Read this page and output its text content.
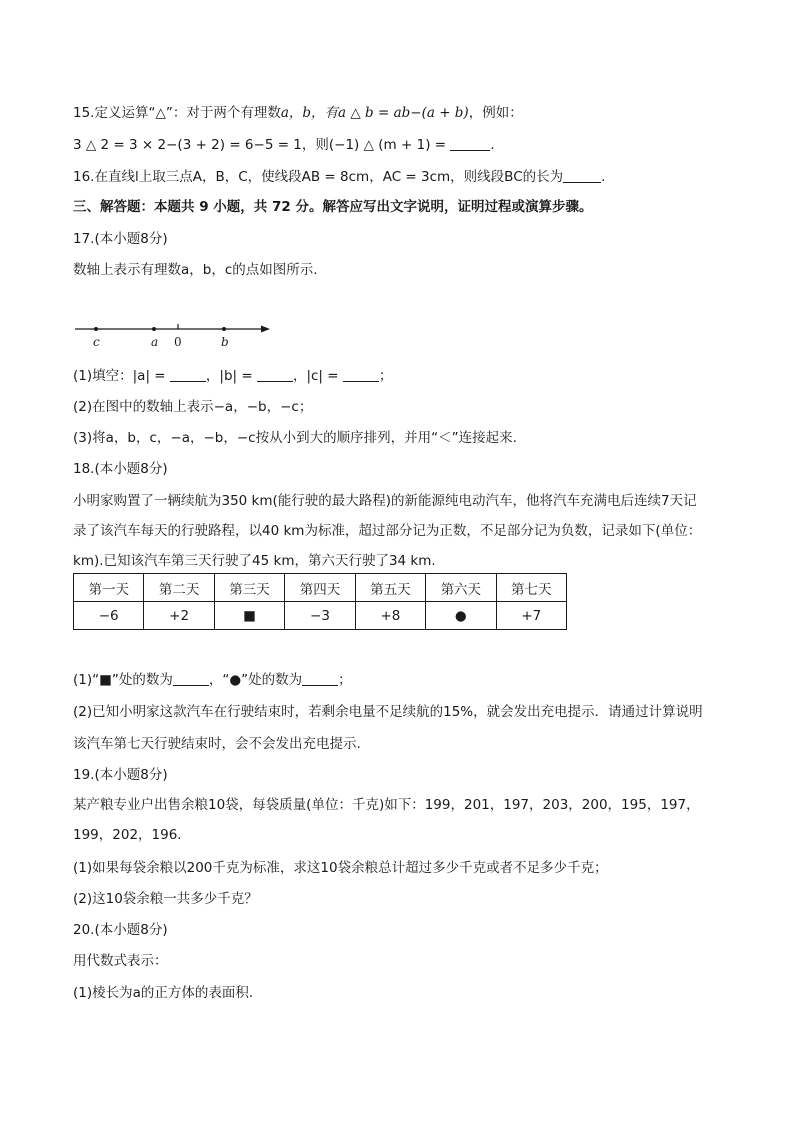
15.定义运算“△”：对于两个有理数a，b，有a △ b = ab−(a + b)，例如：
3 △ 2 = 3 × 2−(3 + 2) = 6−5 = 1，则(−1) △ (m + 1) =	.
16.在直线l上取三点A，B，C，使线段AB = 8cm，AC = 3cm，则线段BC的长为	.
三、解答题：本题共 9 小题，共 72 分。解答应写出文字说明，证明过程或演算步骤。
17.(本小题8分)
数轴上表示有理数a，b，c的点如图所示.
c	a 0	b
(1)填空：|a| =	，|b| =	，|c| =	；
(2)在图中的数轴上表示−a，−b，−c；
(3)将a，b，c，−a，−b，−c按从小到大的顺序排列，并用“＜”连接起来.
18.(本小题8分)
小明家购置了一辆续航为350 km(能行驶的最大路程)的新能源纯电动汽车，他将汽车充满电后连续7天记
录了该汽车每天的行驶路程，以40 km为标准，超过部分记为正数，不足部分记为负数，记录如下(单位：
km).已知该汽车第三天行驶了45 km，第六天行驶了34 km.
第一天	第二天	第三天	第四天	第五天	第六天	第七天
−6	+2	■	−3	+8	●	+7
(1)“■”处的数为	，“●”处的数为	；
(2)已知小明家这款汽车在行驶结束时，若剩余电量不足续航的15%，就会发出充电提示．请通过计算说明
该汽车第七天行驶结束时，会不会发出充电提示.
19.(本小题8分)
某产粮专业户出售余粮10袋，每袋质量(单位：千克)如下：199，201，197，203，200，195，197，
199，202，196.
(1)如果每袋余粮以200千克为标准，求这10袋余粮总计超过多少千克或者不足多少千克；
(2)这10袋余粮一共多少千克？
20.(本小题8分)
用代数式表示：
(1)棱长为a的正方体的表面积.
